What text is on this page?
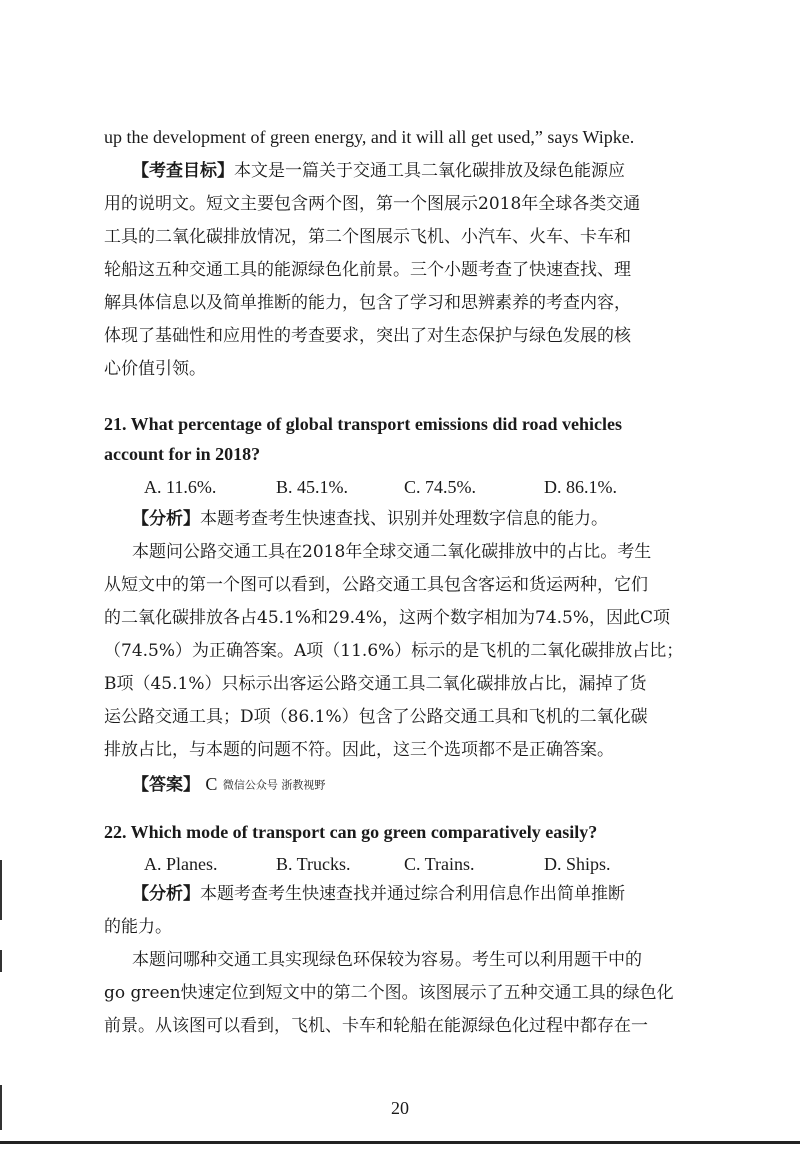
up the development of green energy, and it will all get used,” says Wipke.
【考查目标】本文是一篇关于交通工具二氧化碳排放及绿色能源应
用的说明文。短文主要包含两个图，第一个图展示2018年全球各类交通
工具的二氧化碳排放情况，第二个图展示飞机、小汽车、火车、卡车和
轮船这五种交通工具的能源绿色化前景。三个小题考查了快速查找、理
解具体信息以及简单推断的能力，包含了学习和思辨素养的考查内容，
体现了基础性和应用性的考查要求，突出了对生态保护与绿色发展的核
心价值引领。
21. What percentage of global transport emissions did road vehicles
account for in 2018?
A. 11.6%.	B. 45.1%.	C. 74.5%.	D. 86.1%.
【分析】本题考查考生快速查找、识别并处理数字信息的能力。
本题问公路交通工具在2018年全球交通二氧化碳排放中的占比。考生
从短文中的第一个图可以看到，公路交通工具包含客运和货运两种，它们
的二氧化碳排放各占45.1%和29.4%，这两个数字相加为74.5%，因此C项
（74.5%）为正确答案。A项（11.6%）标示的是飞机的二氧化碳排放占比；
B项（45.1%）只标示出客运公路交通工具二氧化碳排放占比，漏掉了货
运公路交通工具；D项（86.1%）包含了公路交通工具和飞机的二氧化碳
排放占比，与本题的问题不符。因此，这三个选项都不是正确答案。
【答案】 C 微信公众号 浙教视野
22. Which mode of transport can go green comparatively easily?
A. Planes.	B. Trucks.	C. Trains.	D. Ships.
【分析】本题考查考生快速查找并通过综合利用信息作出简单推断
的能力。
本题问哪种交通工具实现绿色环保较为容易。考生可以利用题干中的
go green快速定位到短文中的第二个图。该图展示了五种交通工具的绿色化
前景。从该图可以看到，飞机、卡车和轮船在能源绿色化过程中都存在一
20
